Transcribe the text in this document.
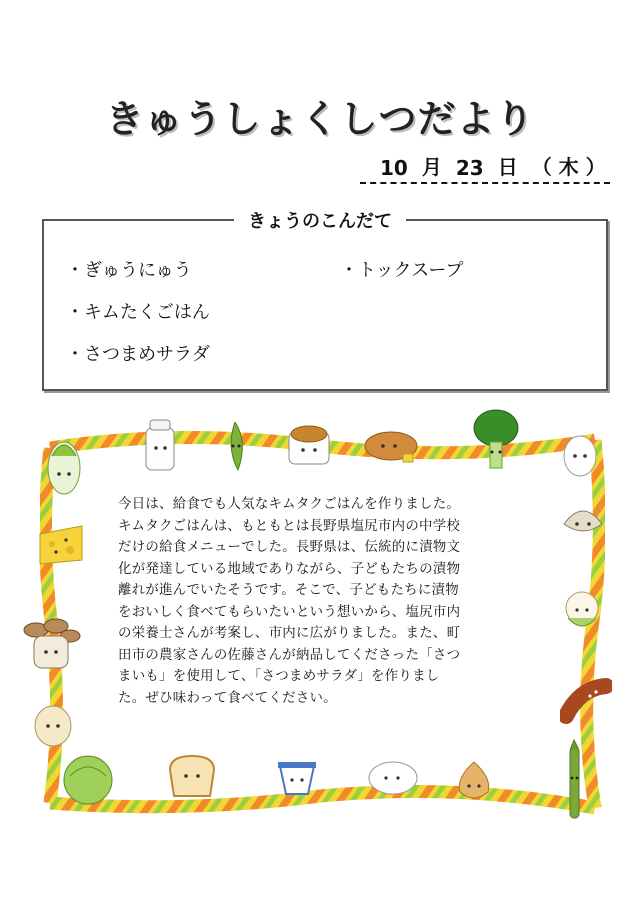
きゅうしょくしつだより
10 月 23 日 （ 木 ）
きょうのこんだて
・ぎゅうにゅう
・キムたくごはん
・さつまめサラダ
・トックスープ
今日は、給食でも人気なキムタクごはんを作りました。
キムタクごはんは、もともとは長野県塩尻市内の中学校
だけの給食メニューでした。長野県は、伝統的に漬物文
化が発達している地域でありながら、子どもたちの漬物
離れが進んでいたそうです。そこで、子どもたちに漬物
をおいしく食べてもらいたいという想いから、塩尻市内
の栄養士さんが考案し、市内に広がりました。また、町
田市の農家さんの佐藤さんが納品してくださった「さつ
まいも」を使用して、「さつまめサラダ」を作りまし
た。ぜひ味わって食べてください。
